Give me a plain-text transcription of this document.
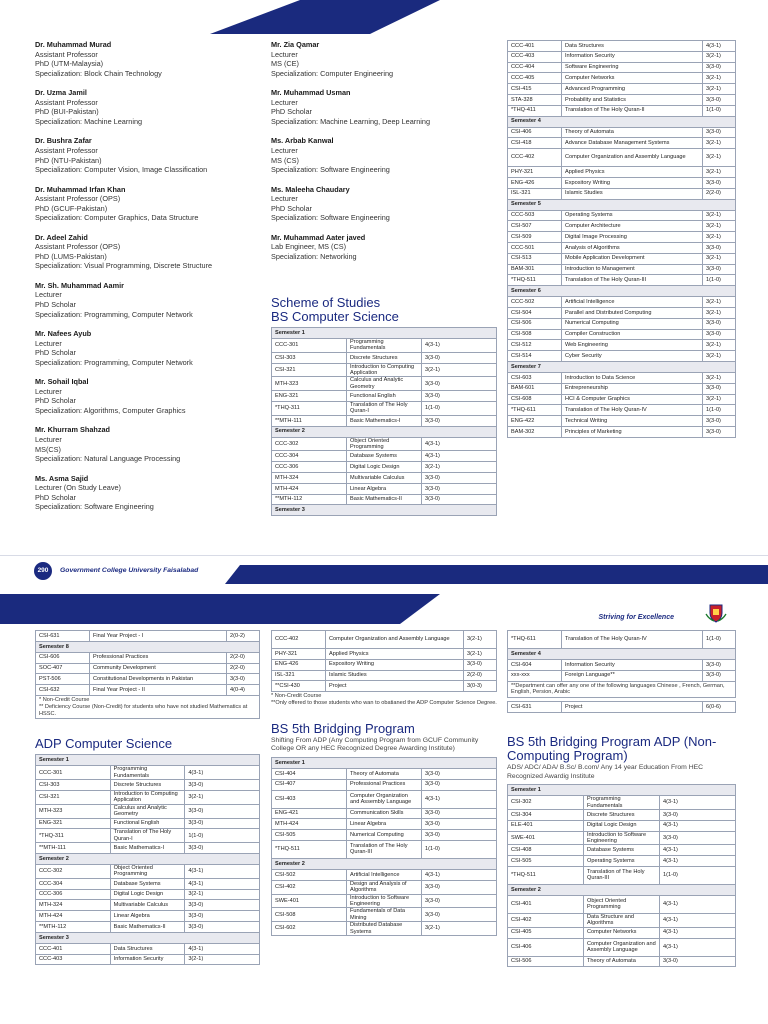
Dr. Muhammad Murad
Assistant Professor
PhD (UTM-Malaysia)
Specialization: Block Chain Technology
Dr. Uzma Jamil
Assistant Professor
PhD (BUI-Pakistan)
Specialization: Machine Learning
Dr. Bushra Zafar
Assistant Professor
PhD (NTU-Pakistan)
Specialization: Computer Vision, Image Classification
Dr. Muhammad Irfan Khan
Assistant Professor (OPS)
PhD (GCUF-Pakistan)
Specialization: Computer Graphics, Data Structure
Dr. Adeel Zahid
Assistant Professor (OPS)
PhD (LUMS-Pakistan)
Specialization: Visual Programming, Discrete Structure
Mr. Sh. Muhammad Aamir
Lecturer
PhD Scholar
Specialization: Programming, Computer Network
Mr. Nafees Ayub
Lecturer
PhD Scholar
Specialization: Programming, Computer Network
Mr. Sohail Iqbal
Lecturer
PhD Scholar
Specialization: Algorithms, Computer Graphics
Mr. Khurram Shahzad
Lecturer
MS(CS)
Specialization: Natural Language Processing
Ms. Asma Sajid
Lecturer (On Study Leave)
PhD Scholar
Specialization: Software Engineering
Mr. Zia Qamar
Lecturer
MS (CE)
Specialization: Computer Engineering
Mr. Muhammad Usman
Lecturer
PhD Scholar
Specialization: Machine Learning, Deep Learning
Ms. Arbab Kanwal
Lecturer
MS (CS)
Specialization: Software Engineering
Ms. Maleeha Chaudary
Lecturer
PhD Scholar
Specialization: Software Engineering
Mr. Muhammad Aater javed
Lab Engineer, MS (CS)
Specialization: Networking
Scheme of Studies
BS Computer Science
Semester 1		
CCC-301	Programming Fundamentals	4(3-1)
CSI-303	Discrete Structures	3(3-0)
CSI-321	Introduction to Computing Application	3(2-1)
MTH-323	Calculus and Analytic Geometry	3(3-0)
ENG-321	Functional English	3(3-0)
*THQ-311	Translation of The Holy Quran-I	1(1-0)
**MTH-111	Basic Mathematics-I	3(3-0)
Semester 2		
CCC-302	Object Oriented Programming	4(3-1)
CCC-304	Database Systems	4(3-1)
CCC-306	Digital Logic Design	3(2-1)
MTH-324	Multivariable Calculus	3(3-0)
MTH-424	Linear Algebra	3(3-0)
**MTH-112	Basic Mathematics-II	3(3-0)
Semester 3		
CCC-401	Data Structures	4(3-1)
CCC-403	Information Security	3(2-1)
CCC-404	Software Engineering	3(3-0)
CCC-405	Computer Networks	3(2-1)
CSI-415	Advanced Programming	3(2-1)
STA-328	Probability and Statistics	3(3-0)
*THQ-411	Translation of The Holy Quran-II	1(1-0)
Semester 4		
CSI-406	Theory of Automata	3(3-0)
CSI-418	Advance Database Management Systems	3(2-1)
CCC-402	Computer Organization and Assembly Language	3(2-1)
PHY-321	Applied Physics	3(2-1)
ENG-426	Expository Writing	3(3-0)
ISL-321	Islamic Studies	2(2-0)
Semester 5		
CCC-503	Operating Systems	3(2-1)
CSI-507	Computer Architecture	3(2-1)
CSI-509	Digital Image Processing	3(2-1)
CCC-501	Analysis of Algorithms	3(3-0)
CSI-513	Mobile Application Development	3(2-1)
BAM-301	Introduction to Management	3(3-0)
*THQ-511	Translation of The Holy Quran-III	1(1-0)
Semester 6		
CCC-502	Artificial Intelligence	3(2-1)
CSI-504	Parallel and Distributed Computing	3(2-1)
CSI-506	Numerical Computing	3(3-0)
CSI-508	Compiler Construction	3(3-0)
CSI-512	Web Engineering	3(2-1)
CSI-514	Cyber Security	3(2-1)
Semester 7		
CSI-603	Introduction to Data Science	3(2-1)
BAM-601	Entrepreneurship	3(3-0)
CSI-608	HCI & Computer Graphics	3(2-1)
*THQ-611	Translation of The Holy Quran-IV	1(1-0)
ENG-422	Technical Writing	3(3-0)
BAM-302	Principles of Marketing	3(3-0)
290	Government College University Faisalabad
Striving for Excellence
CSI-631	Final Year Project - I	2(0-2)
Semester 8		
CSI-606	Professional Practices	2(2-0)
SOC-407	Community Development	2(2-0)
PST-506	Constitutional Developments in Pakistan	3(3-0)
CSI-632	Final Year Project - II	4(0-4)
* Non-Credit Course
** Deficiency Course (Non-Credit) for students who have not studied Mathematics at HSSC.
ADP Computer Science
Semester 1		
CCC-301	Programming Fundamentals	4(3-1)
CSI-303	Discrete Structures	3(3-0)
CSI-321	Introduction to Computing Application	3(2-1)
MTH-323	Calculus and Analytic Geometry	3(3-0)
ENG-321	Functional English	3(3-0)
*THQ-311	Translation of The Holy Quran-I	1(1-0)
**MTH-111	Basic Mathematics-I	3(3-0)
Semester 2		
CCC-302	Object Oriented Programming	4(3-1)
CCC-304	Database Systems	4(3-1)
CCC-306	Digital Logic Design	3(2-1)
MTH-324	Multivariable Calculus	3(3-0)
MTH-424	Linear Algebra	3(3-0)
**MTH-112	Basic Mathematics-II	3(3-0)
Semester 3		
CCC-401	Data Structures	4(3-1)
CCC-403	Information Security	3(2-1)
CCC-402	Computer Organization and Assembly Language	3(2-1)
PHY-321	Applied Physics	3(2-1)
ENG-426	Expository Writing	3(3-0)
ISL-321	Islamic Studies	2(2-0)
**CSI-430	Project	3(0-3)
* Non-Credit Course
**Only offered to those students who wan to obatianed the ADP Computer Science Degree.
BS 5th Bridging Program
Shifting From ADP (Any Computing Program from GCUF Community College OR any HEC Recognized Degree Awarding Institute)
Semester 1		
CSI-404	Theory of Automata	3(3-0)
CSI-407	Professional Practices	3(3-0)
CSI-403	Computer Organization and Assembly Language	4(3-1)
ENG-421	Communication Skills	3(3-0)
MTH-424	Linear Algebra	3(3-0)
CSI-505	Numerical Computing	3(3-0)
*THQ-511	Translation of The Holy Quran-III	1(1-0)
Semester 2		
CSI-502	Artificial Intelligence	4(3-1)
CSI-402	Design and Analysis of Algorithms	3(3-0)
SWE-401	Introduction to Software Engineering	3(3-0)
CSI-508	Fundamentals of Data Mining	3(3-0)
CSI-602	Distributed Database Systems	3(2-1)
*THQ-611	Translation of The Holy Quran-IV	1(1-0)
Semester 4		
CSI-604	Information Security	3(3-0)
xxx-xxx	Foreign Language**	3(3-0)
**Department can offer any one of the following languages Chinese , French, German, English, Persion, Arabic
CSI-631	Project	6(0-6)
BS 5th Bridging Program ADP (Non-Computing Program)
ADS/ ADC/ ADA/ B.Sc/ B.com/ Any 14 year Education From HEC Recognized Awardig Institute
Semester 1		
CSI-302	Programming Fundamentals	4(3-1)
CSI-304	Discrete Structures	3(3-0)
ELE-401	Digital Logic Design	4(3-1)
SWE-401	Introduction to Software Engineering	3(3-0)
CSI-408	Database Systems	4(3-1)
CSI-505	Operating Systems	4(3-1)
*THQ-511	Translation of The Holy Quran-III	1(1-0)
Semester 2		
CSI-401	Object Oriented Programming	4(3-1)
CSI-402	Data Structure and Algorithms	4(3-1)
CSI-405	Computer Networks	4(3-1)
CSI-406	Computer Organization and Assembly Language	4(3-1)
CSI-506	Theory of Automata	3(3-0)
